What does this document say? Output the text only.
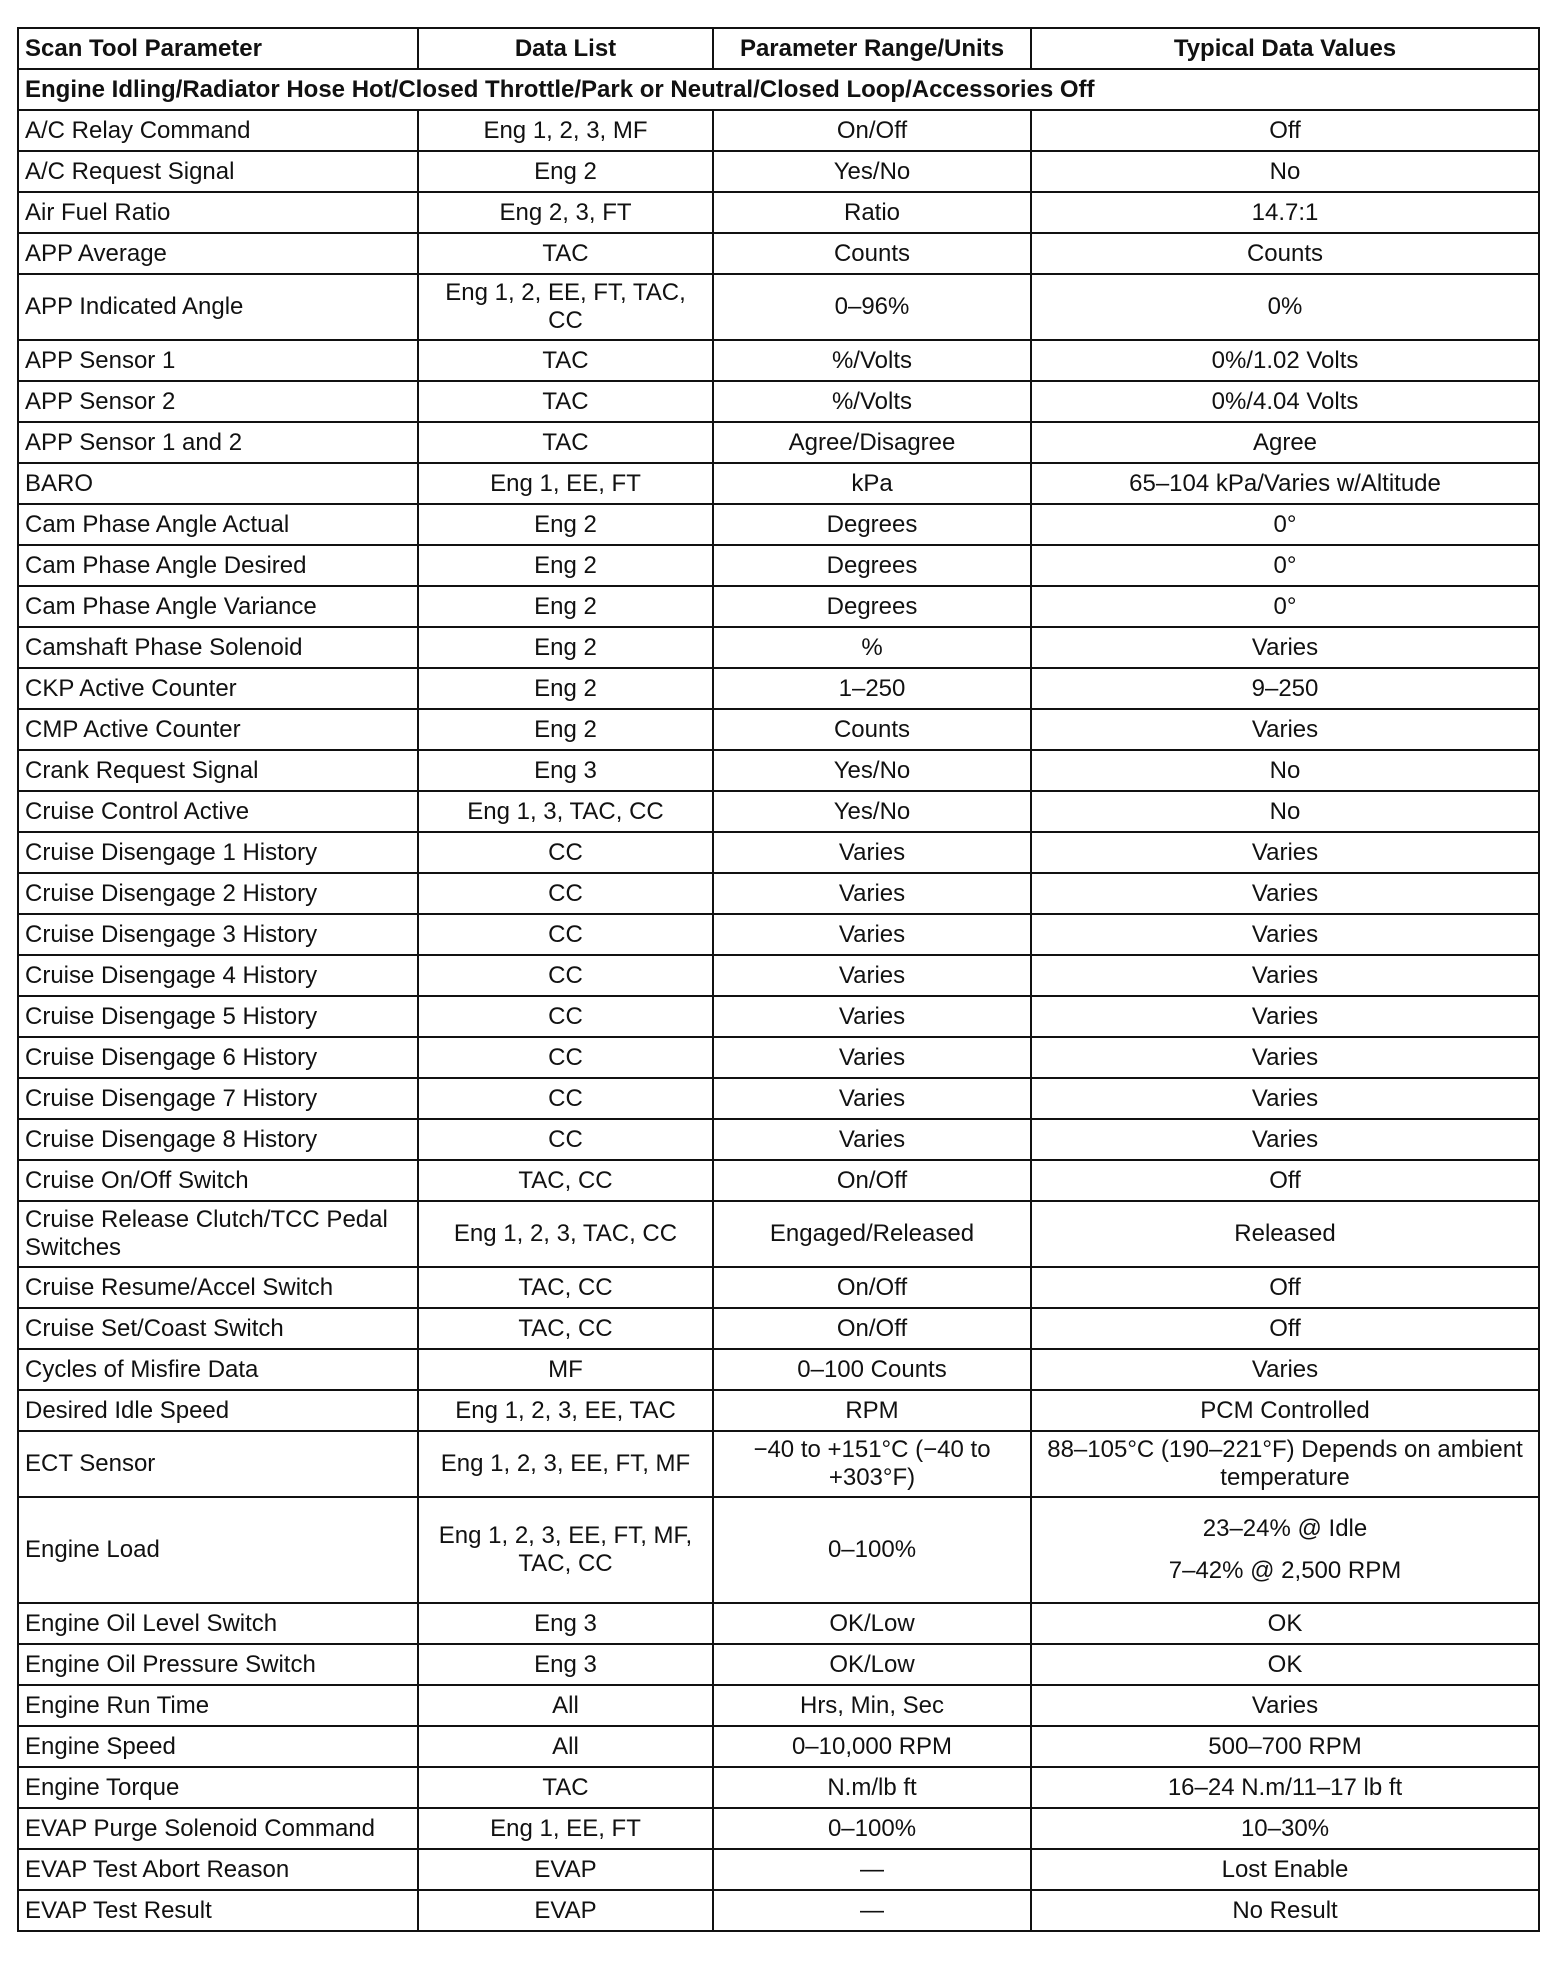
Scan Tool Parameter	Data List	Parameter Range/Units	Typical Data Values
Engine Idling/Radiator Hose Hot/Closed Throttle/Park or Neutral/Closed Loop/Accessories Off			
A/C Relay Command	Eng 1, 2, 3, MF	On/Off	Off
A/C Request Signal	Eng 2	Yes/No	No
Air Fuel Ratio	Eng 2, 3, FT	Ratio	14.7:1
APP Average	TAC	Counts	Counts
APP Indicated Angle	Eng 1, 2, EE, FT, TAC, CC	0–96%	0%
APP Sensor 1	TAC	%/Volts	0%/1.02 Volts
APP Sensor 2	TAC	%/Volts	0%/4.04 Volts
APP Sensor 1 and 2	TAC	Agree/Disagree	Agree
BARO	Eng 1, EE, FT	kPa	65–104 kPa/Varies w/Altitude
Cam Phase Angle Actual	Eng 2	Degrees	0°
Cam Phase Angle Desired	Eng 2	Degrees	0°
Cam Phase Angle Variance	Eng 2	Degrees	0°
Camshaft Phase Solenoid	Eng 2	%	Varies
CKP Active Counter	Eng 2	1–250	9–250
CMP Active Counter	Eng 2	Counts	Varies
Crank Request Signal	Eng 3	Yes/No	No
Cruise Control Active	Eng 1, 3, TAC, CC	Yes/No	No
Cruise Disengage 1 History	CC	Varies	Varies
Cruise Disengage 2 History	CC	Varies	Varies
Cruise Disengage 3 History	CC	Varies	Varies
Cruise Disengage 4 History	CC	Varies	Varies
Cruise Disengage 5 History	CC	Varies	Varies
Cruise Disengage 6 History	CC	Varies	Varies
Cruise Disengage 7 History	CC	Varies	Varies
Cruise Disengage 8 History	CC	Varies	Varies
Cruise On/Off Switch	TAC, CC	On/Off	Off
Cruise Release Clutch/TCC Pedal Switches	Eng 1, 2, 3, TAC, CC	Engaged/Released	Released
Cruise Resume/Accel Switch	TAC, CC	On/Off	Off
Cruise Set/Coast Switch	TAC, CC	On/Off	Off
Cycles of Misfire Data	MF	0–100 Counts	Varies
Desired Idle Speed	Eng 1, 2, 3, EE, TAC	RPM	PCM Controlled
ECT Sensor	Eng 1, 2, 3, EE, FT, MF	−40 to +151°C (−40 to +303°F)	88–105°C (190–221°F) Depends on ambient temperature
Engine Load	Eng 1, 2, 3, EE, FT, MF, TAC, CC	0–100%	23–24% @ Idle
7–42% @ 2,500 RPM
Engine Oil Level Switch	Eng 3	OK/Low	OK
Engine Oil Pressure Switch	Eng 3	OK/Low	OK
Engine Run Time	All	Hrs, Min, Sec	Varies
Engine Speed	All	0–10,000 RPM	500–700 RPM
Engine Torque	TAC	N.m/lb ft	16–24 N.m/11–17 lb ft
EVAP Purge Solenoid Command	Eng 1, EE, FT	0–100%	10–30%
EVAP Test Abort Reason	EVAP	—	Lost Enable
EVAP Test Result	EVAP	—	No Result
